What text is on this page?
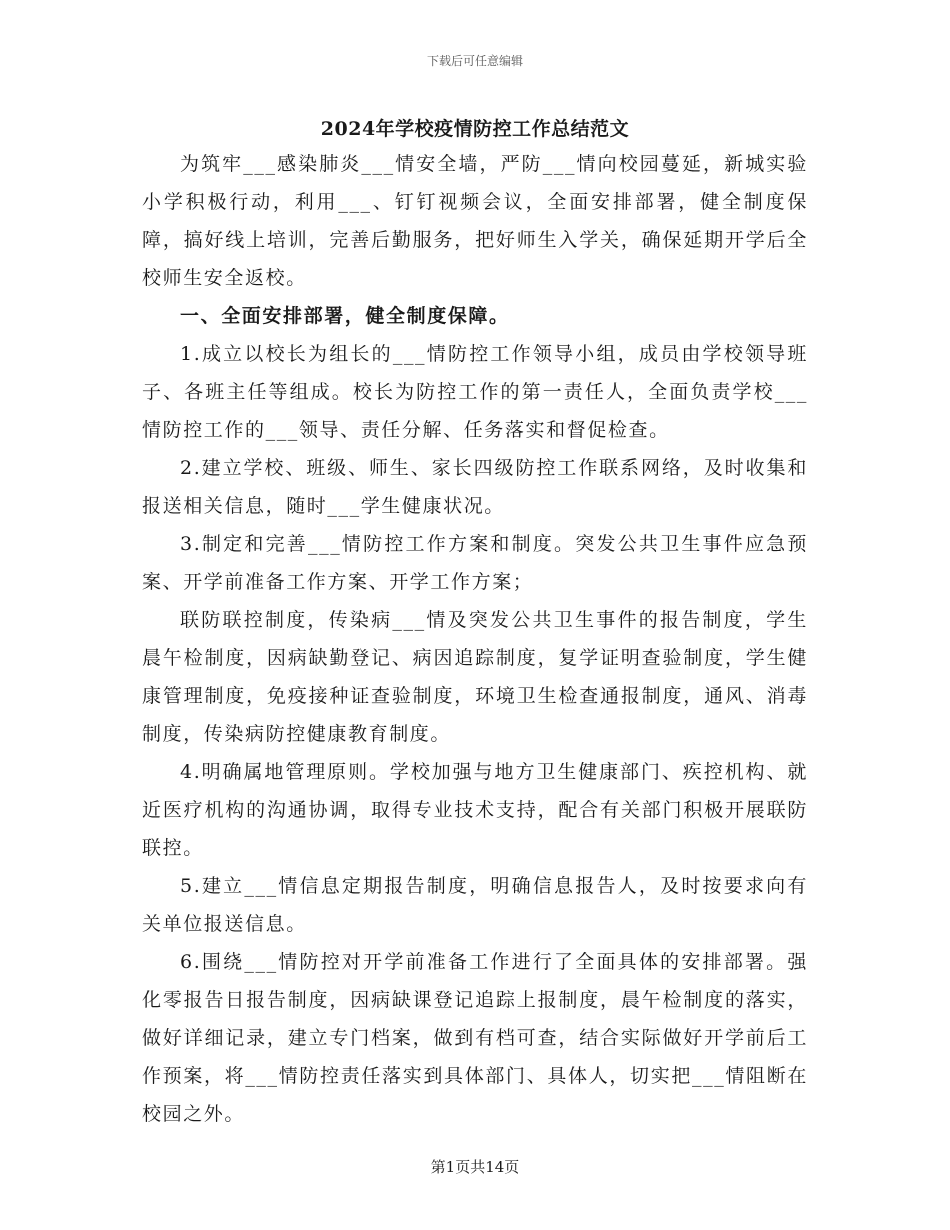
下载后可任意编辑
2024年学校疫情防控工作总结范文

为筑牢___感染肺炎___情安全墙，严防___情向校园蔓延，新城实验小学积极行动，利用___、钉钉视频会议，全面安排部署，健全制度保障，搞好线上培训，完善后勤服务，把好师生入学关，确保延期开学后全校师生安全返校。

一、全面安排部署，健全制度保障。

1.成立以校长为组长的___情防控工作领导小组，成员由学校领导班子、各班主任等组成。校长为防控工作的第一责任人，全面负责学校___情防控工作的___领导、责任分解、任务落实和督促检查。

2.建立学校、班级、师生、家长四级防控工作联系网络，及时收集和报送相关信息，随时___学生健康状况。

3.制定和完善___情防控工作方案和制度。突发公共卫生事件应急预案、开学前准备工作方案、开学工作方案；

联防联控制度，传染病___情及突发公共卫生事件的报告制度，学生晨午检制度，因病缺勤登记、病因追踪制度，复学证明查验制度，学生健康管理制度，免疫接种证查验制度，环境卫生检查通报制度，通风、消毒制度，传染病防控健康教育制度。

4.明确属地管理原则。学校加强与地方卫生健康部门、疾控机构、就近医疗机构的沟通协调，取得专业技术支持，配合有关部门积极开展联防联控。

5.建立___情信息定期报告制度，明确信息报告人，及时按要求向有关单位报送信息。

6.围绕___情防控对开学前准备工作进行了全面具体的安排部署。强化零报告日报告制度，因病缺课登记追踪上报制度，晨午检制度的落实，做好详细记录，建立专门档案，做到有档可查，结合实际做好开学前后工作预案，将___情防控责任落实到具体部门、具体人，切实把___情阻断在校园之外。

第1页共14页
